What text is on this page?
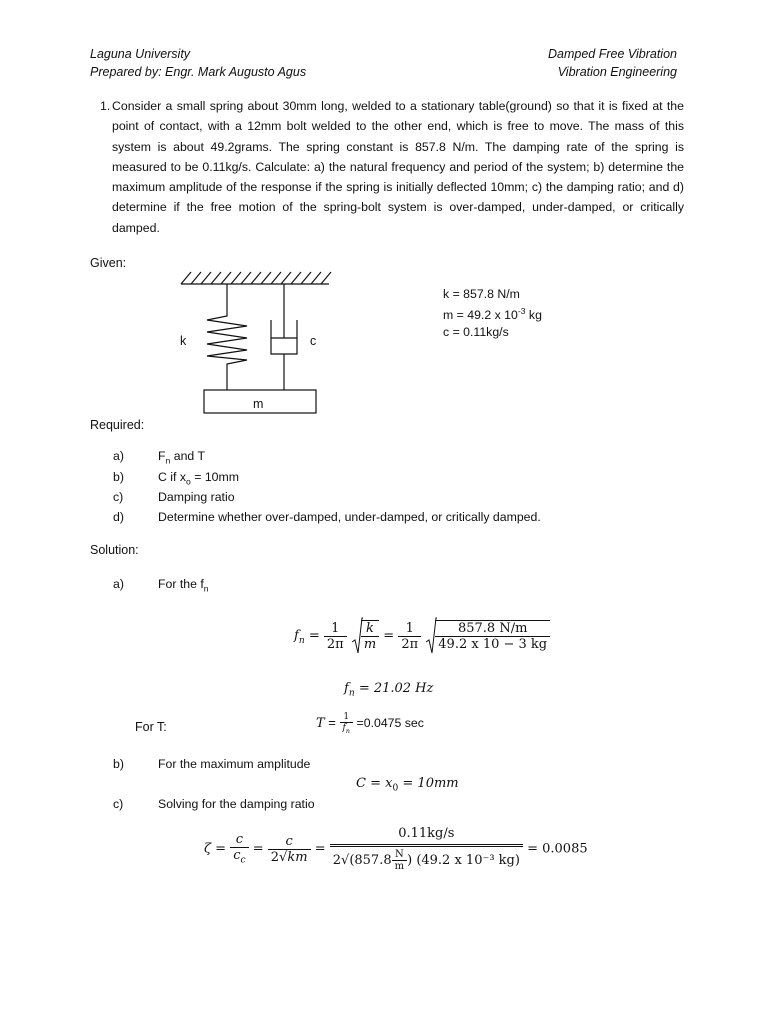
Laguna University
Prepared by: Engr. Mark Augusto Agus
Damped Free Vibration
Vibration Engineering
1. Consider a small spring about 30mm long, welded to a stationary table(ground) so that it is fixed at the point of contact, with a 12mm bolt welded to the other end, which is free to move. The mass of this system is about 49.2grams. The spring constant is 857.8 N/m. The damping rate of the spring is measured to be 0.11kg/s. Calculate: a) the natural frequency and period of the system; b) determine the maximum amplitude of the response if the spring is initially deflected 10mm; c) the damping ratio; and d) determine if the free motion of the spring-bolt system is over-damped, under-damped, or critically damped.
Given:
k	c
m
k = 857.8 N/m
m = 49.2 x $10^{-3}$ kg
c = 0.11kg/s
Required:
a)	$F_n$ and T
b)	C if $x_o = 10mm$
c)	Damping ratio
d)	Determine whether over-damped, under-damped, or critically damped.
Solution:
a)	For the $f_n$
$f_n = \frac{1}{2\pi}$
$\frac{k}{m} = \frac{1}{2\pi}$
$\frac{857.8 N/m}{49.2 x 10 - 3 kg}$
$f_n = 21.02$ Hz
For T:	$T = \frac{1}{f_n} =0.0475$ sec
b)	For the maximum amplitude
$C = x_0 = 10mm$
c)	Solving for the damping ratio
$\zeta = \frac{c}{c_c} = \frac{c}{2√km} = \frac{0.11kg/s}{2√(857.8 \frac{N}{m} ) (49.2 x 10^{-3} kg)} = 0.0085$
